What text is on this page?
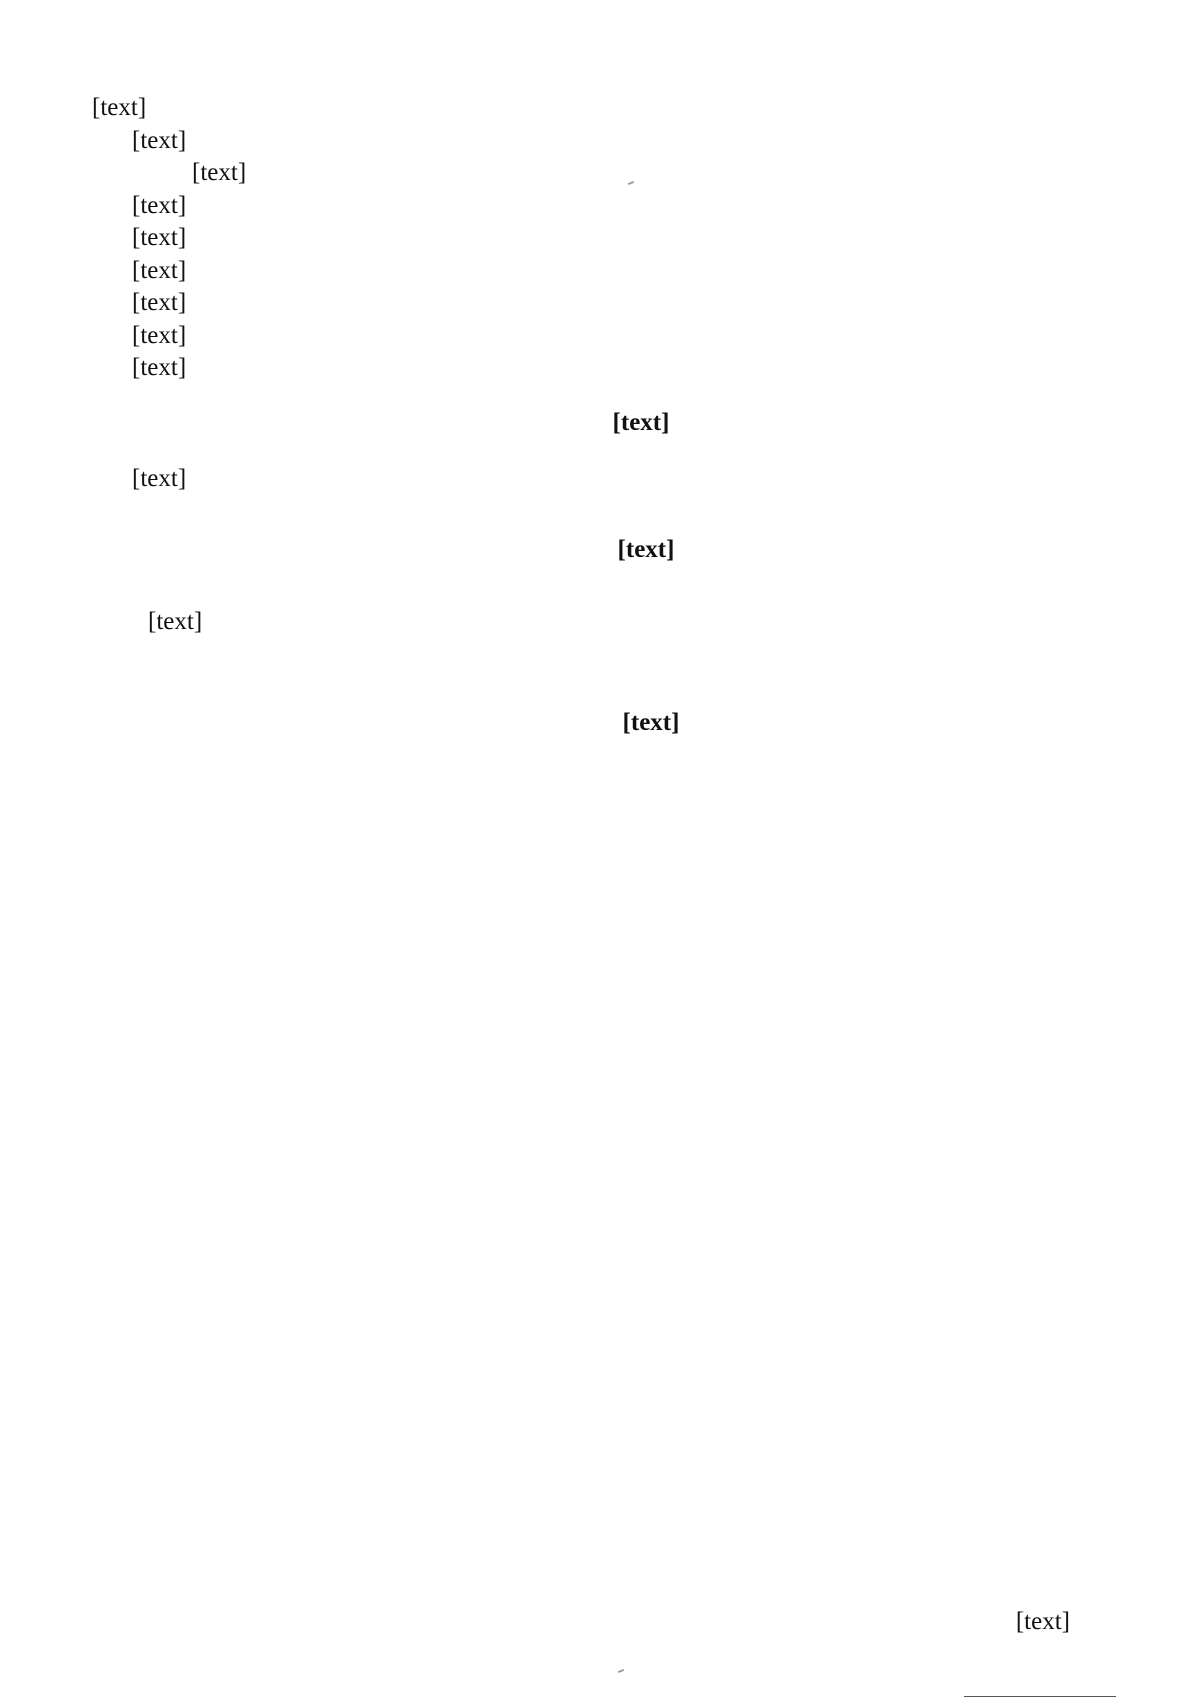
[text]

[text]

[text]

[text]

[text]

[text]

[text]

[text]

[text]

[text]

[text]

[text]

[text]

[text]
[text]
